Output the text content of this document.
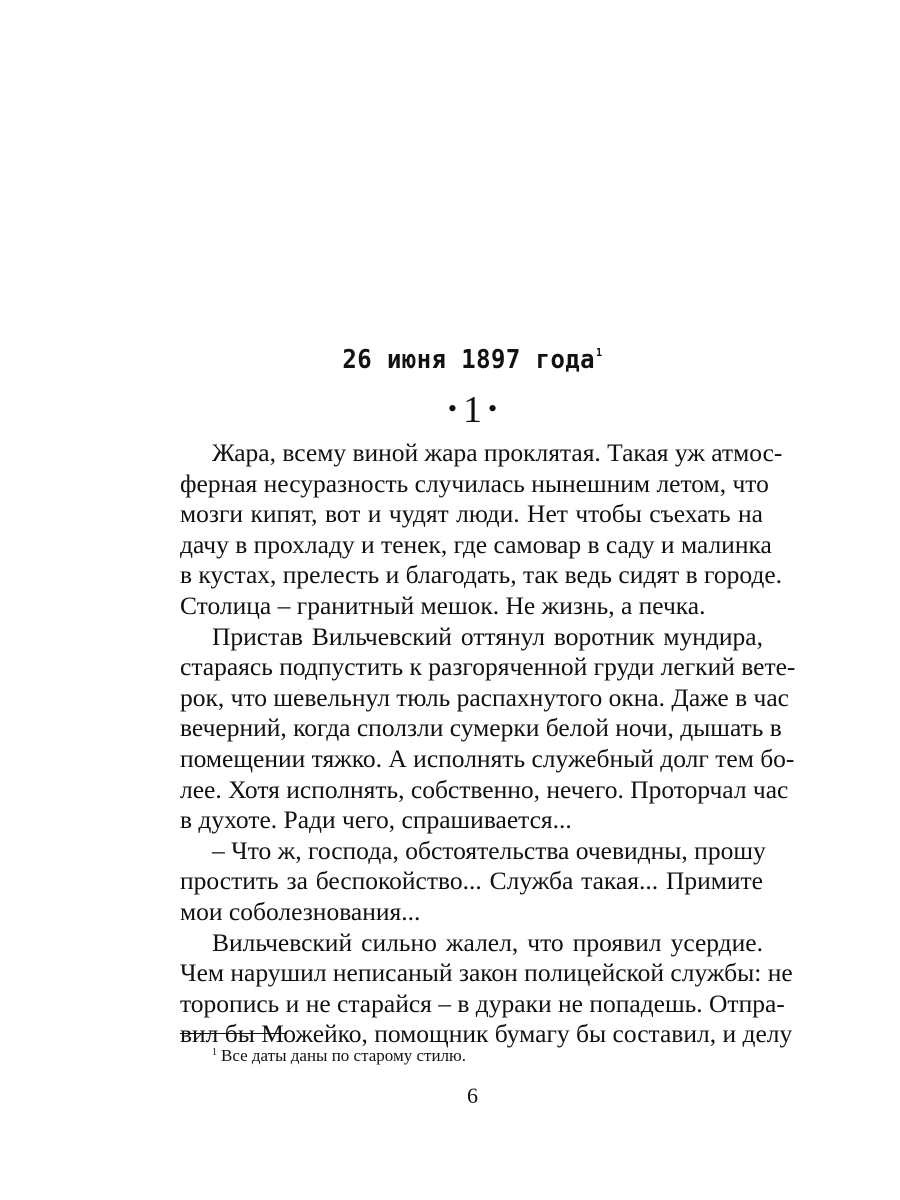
26 июня 1897 года$^1$
• 1 •
Жара, всему виной жара проклятая. Такая уж атмос-
ферная несуразность случилась нынешним летом, что
мозги кипят, вот и чудят люди. Нет чтобы съехать на
дачу в прохладу и тенек, где самовар в саду и малинка
в кустах, прелесть и благодать, так ведь сидят в городе.
Столица – гранитный мешок. Не жизнь, а печка.
Пристав Вильчевский оттянул воротник мундира,
стараясь подпустить к разгоряченной груди легкий вете-
рок, что шевельнул тюль распахнутого окна. Даже в час
вечерний, когда сползли сумерки белой ночи, дышать в
помещении тяжко. А исполнять служебный долг тем бо-
лее. Хотя исполнять, собственно, нечего. Проторчал час
в духоте. Ради чего, спрашивается...
– Что ж, господа, обстоятельства очевидны, прошу
простить за беспокойство... Служба такая... Примите
мои соболезнования...
Вильчевский сильно жалел, что проявил усердие.
Чем нарушил неписаный закон полицейской службы: не
торопись и не старайся – в дураки не попадешь. Отпра-
вил бы Можейко, помощник бумагу бы составил, и делу
$^1$ Все даты даны по старому стилю.
6
